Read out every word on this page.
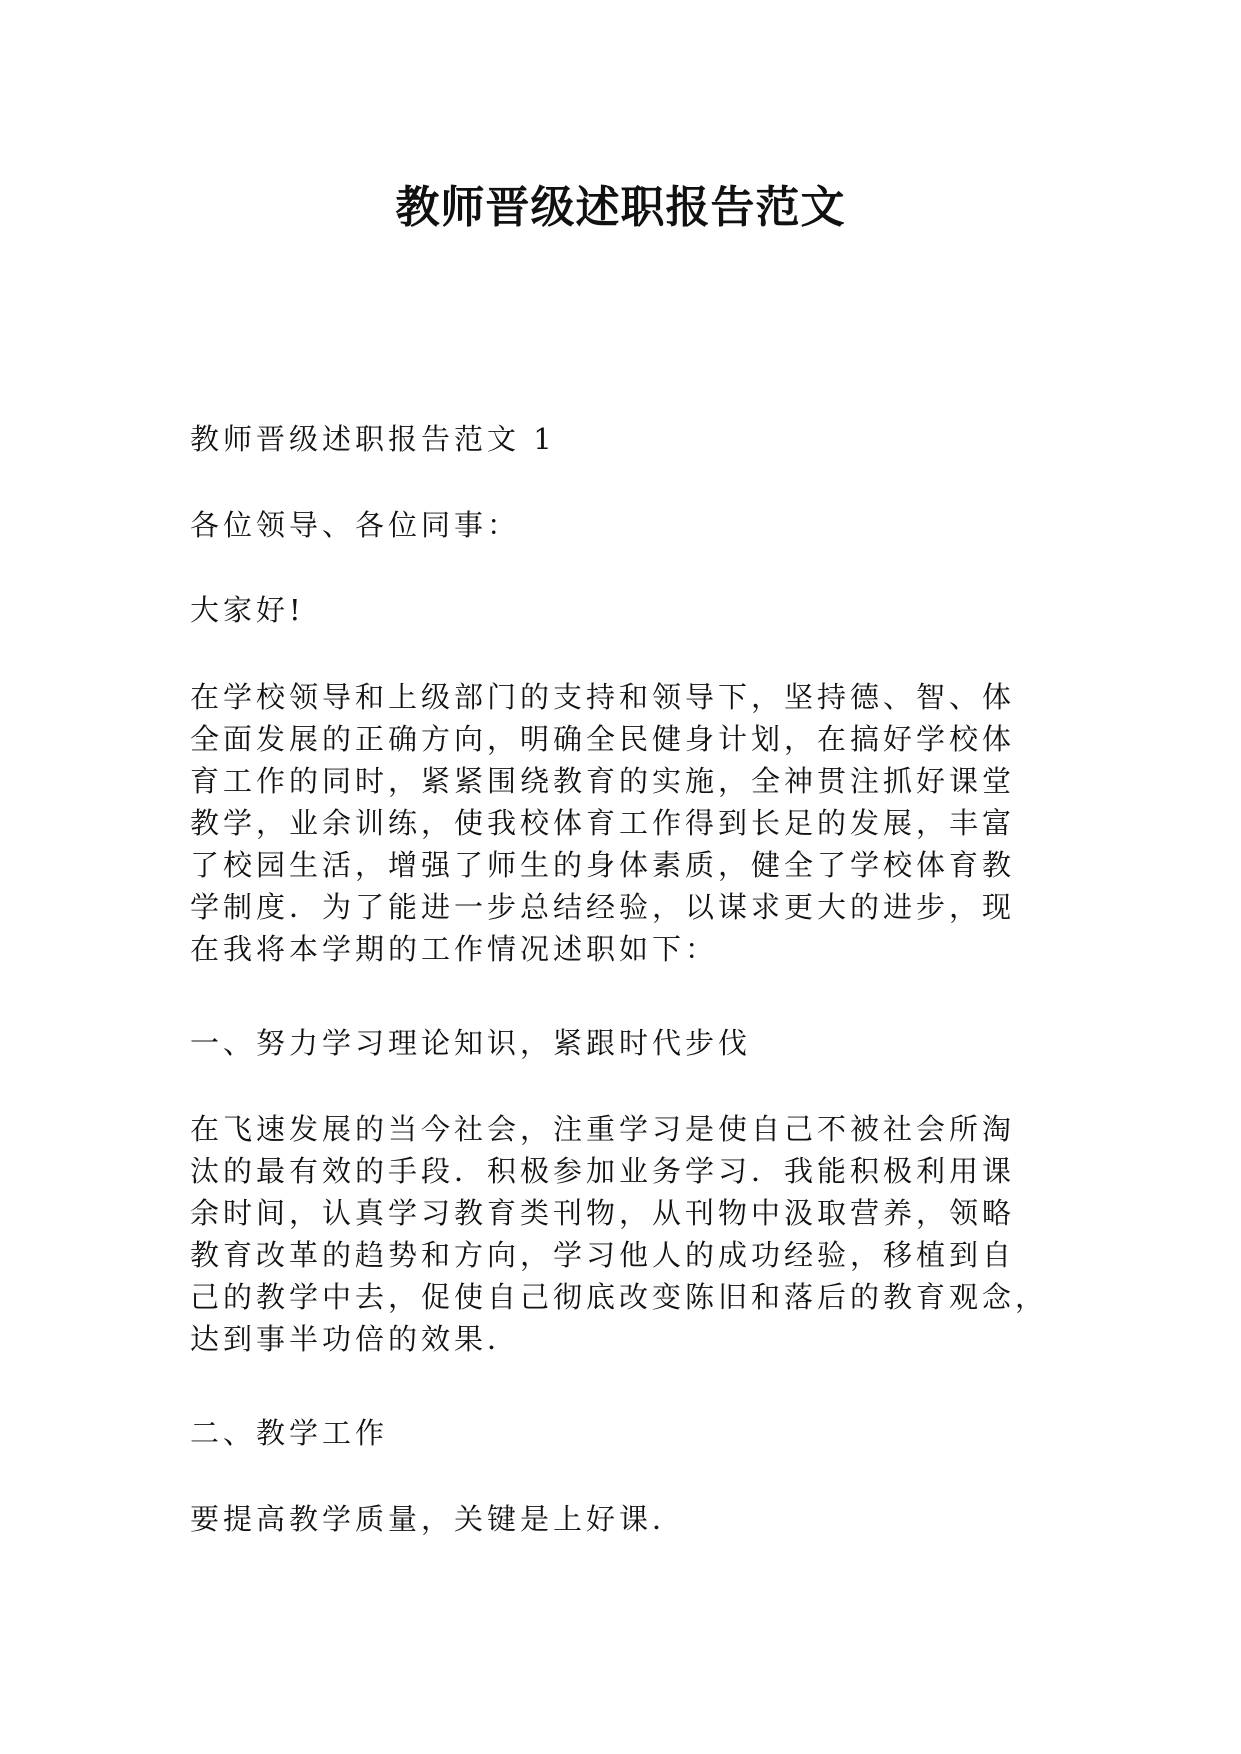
教师晋级述职报告范文

教师晋级述职报告范文 1

各位领导、各位同事：

大家好!

在学校领导和上级部门的支持和领导下，坚持德、智、体
全面发展的正确方向，明确全民健身计划，在搞好学校体
育工作的同时，紧紧围绕教育的实施，全神贯注抓好课堂
教学，业余训练，使我校体育工作得到长足的发展，丰富
了校园生活，增强了师生的身体素质，健全了学校体育教
学制度．为了能进一步总结经验，以谋求更大的进步，现
在我将本学期的工作情况述职如下：

一、努力学习理论知识，紧跟时代步伐

在飞速发展的当今社会，注重学习是使自己不被社会所淘
汰的最有效的手段．积极参加业务学习．我能积极利用课
余时间，认真学习教育类刊物，从刊物中汲取营养，领略
教育改革的趋势和方向，学习他人的成功经验，移植到自
己的教学中去，促使自己彻底改变陈旧和落后的教育观念，
达到事半功倍的效果．

二、教学工作

要提高教学质量，关键是上好课．
